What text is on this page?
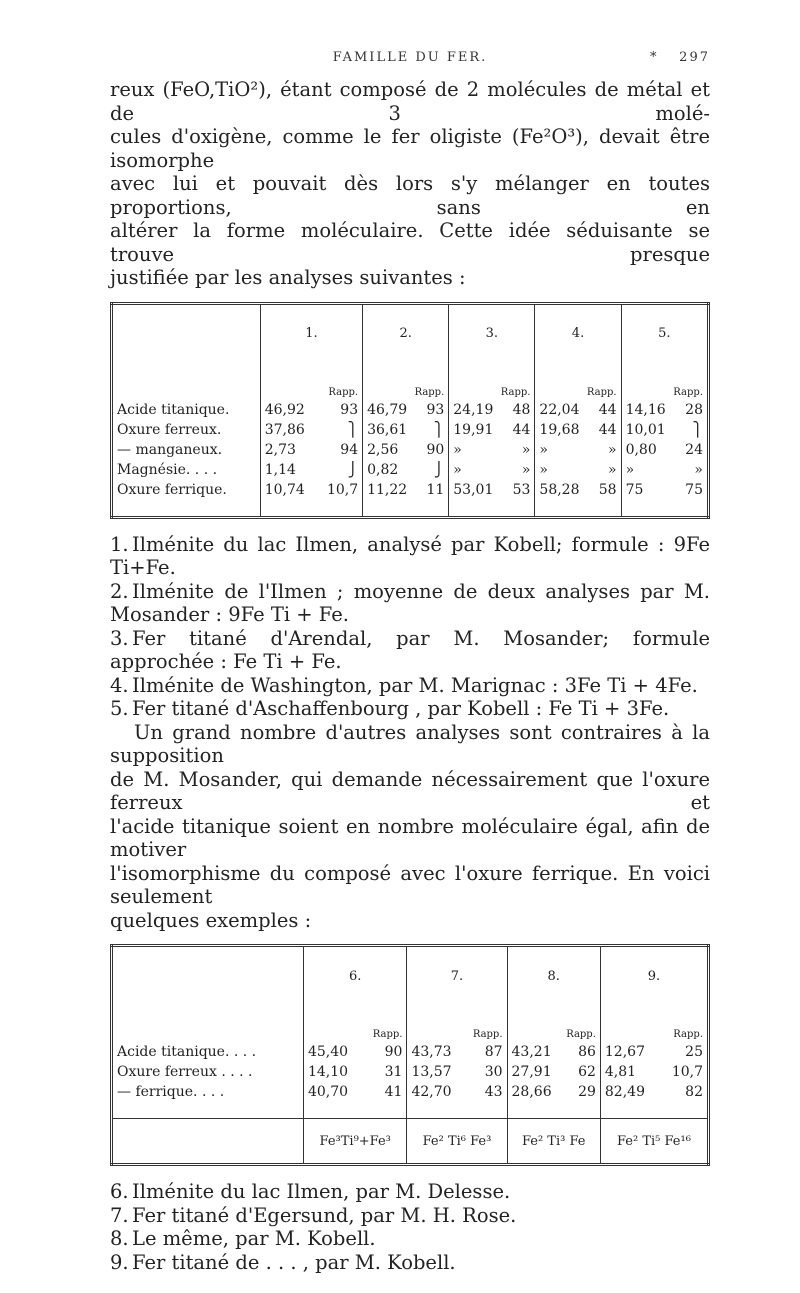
FAMILLE DU FER.	*	297

reux (FeO,TiO²), étant composé de 2 molécules de métal et de 3 molé-

cules d'oxigène, comme le fer oligiste (Fe²O³), devait être isomorphe

avec lui et pouvait dès lors s'y mélanger en toutes proportions, sans en

altérer la forme moléculaire. Cette idée séduisante se trouve presque

justifiée par les analyses suivantes :

	1.	2.	3.	4.	5.
	Rapp.	Rapp.	Rapp.	Rapp.	Rapp.
Acide titanique.	46,92 93	46,79 93	24,19 48	22,04 44	14,16 28

Oxure ferreux.	37,86 ⎫	36,61 ⎫	19,91 44	19,68 44	10,01 ⎫

— manganeux.	2,73 94	2,56 90	» »	» »	0,80 24

Magnésie. . . .	1,14 ⎭	0,82 ⎭	» »	» »	» »

Oxure ferrique.	10,74 10,7	11,22 11	53,01 53	58,28 58	75 75

1. Ilménite du lac Ilmen, analysé par Kobell; formule : 9Fe Ti+Fe.

2. Ilménite de l'Ilmen ; moyenne de deux analyses par M. Mosander : 9Fe Ti + Fe.

3. Fer titané d'Arendal, par M. Mosander; formule approchée : Fe Ti + Fe.

4. Ilménite de Washington, par M. Marignac : 3Fe Ti + 4Fe.

5. Fer titané d'Aschaffenbourg , par Kobell : Fe Ti + 3Fe.

Un grand nombre d'autres analyses sont contraires à la supposition

de M. Mosander, qui demande nécessairement que l'oxure ferreux et

l'acide titanique soient en nombre moléculaire égal, afin de motiver

l'isomorphisme du composé avec l'oxure ferrique. En voici seulement

quelques exemples :

	6.	7.	8.	9.
	Rapp.	Rapp.	Rapp.	Rapp.
Acide titanique. . . .	45,40 90	43,73 87	43,21 86	12,67 25

Oxure ferreux . . . .	14,10 31	13,57 30	27,91 62	4,81 10,7

— ferrique. . . .	40,70 41	42,70 43	28,66 29	82,49 82

	Fe³Ti⁹+Fe³	Fe² Ti⁶ Fe³	Fe² Ti³ Fe	Fe² Ti⁵ Fe¹⁶

6. Ilménite du lac Ilmen, par M. Delesse.

7. Fer titané d'Egersund, par M. H. Rose.

8. Le même, par M. Kobell.

9. Fer titané de . . . , par M. Kobell.
